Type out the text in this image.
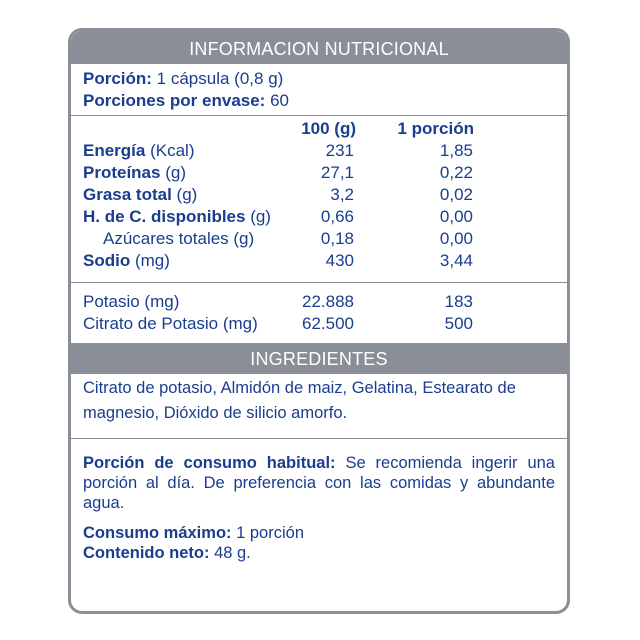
INFORMACION NUTRICIONAL
Porción: 1 cápsula (0,8 g)
Porciones por envase: 60
100 (g) 1 porción
Energía (Kcal)	231	1,85
Proteínas (g)	27,1	0,22
Grasa total (g)	3,2	0,02
H. de C. disponibles (g)	0,66	0,00
Azúcares totales (g)	0,18	0,00
Sodio (mg)	430	3,44
Potasio (mg)	22.888	183
Citrato de Potasio (mg)	62.500	500
INGREDIENTES
Citrato de potasio, Almidón de maiz, Gelatina, Estearato de magnesio, Dióxido de silicio amorfo.
Porción de consumo habitual: Se recomienda ingerir una porción al día. De preferencia con las comidas y abundante agua.
Consumo máximo: 1 porción
Contenido neto: 48 g.
